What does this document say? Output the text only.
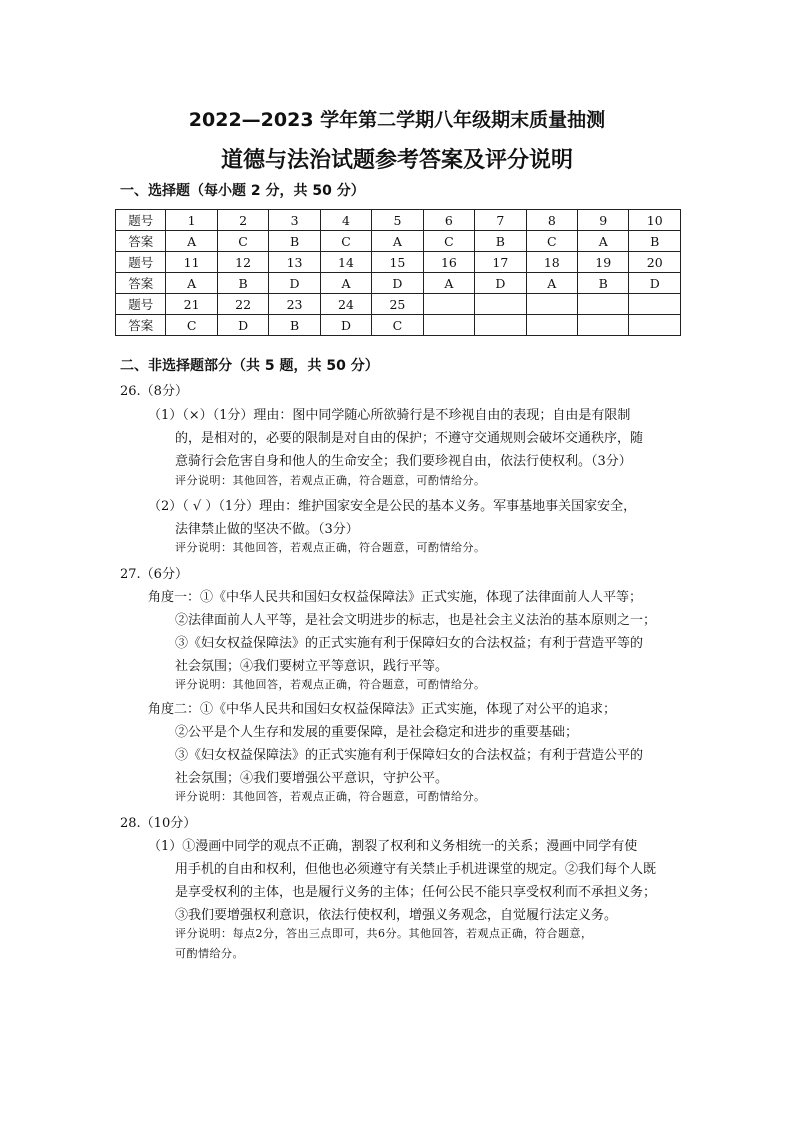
2022—2023 学年第二学期八年级期末质量抽测
道德与法治试题参考答案及评分说明
一、选择题（每小题 2 分，共 50 分）
题号	1	2	3	4	5	6	7	8	9	10
答案	A	C	B	C	A	C	B	C	A	B
题号	11	12	13	14	15	16	17	18	19	20
答案	A	B	D	A	D	A	D	A	B	D
题号	21	22	23	24	25					
答案	C	D	B	D	C					
二、非选择题部分（共 5 题，共 50 分）
26.（8分）
（1）（×）（1分）理由：图中同学随心所欲骑行是不珍视自由的表现；自由是有限制
的，是相对的，必要的限制是对自由的保护；不遵守交通规则会破坏交通秩序，随
意骑行会危害自身和他人的生命安全；我们要珍视自由，依法行使权利。（3分）
评分说明：其他回答，若观点正确，符合题意，可酌情给分。
（2）（ √ ）（1分）理由：维护国家安全是公民的基本义务。军事基地事关国家安全，
法律禁止做的坚决不做。（3分）
评分说明：其他回答，若观点正确，符合题意，可酌情给分。
27.（6分）
角度一：①《中华人民共和国妇女权益保障法》正式实施，体现了法律面前人人平等；
②法律面前人人平等，是社会文明进步的标志，也是社会主义法治的基本原则之一；
③《妇女权益保障法》的正式实施有利于保障妇女的合法权益；有利于营造平等的
社会氛围；④我们要树立平等意识，践行平等。
评分说明：其他回答，若观点正确，符合题意，可酌情给分。
角度二：①《中华人民共和国妇女权益保障法》正式实施，体现了对公平的追求；
②公平是个人生存和发展的重要保障，是社会稳定和进步的重要基础；
③《妇女权益保障法》的正式实施有利于保障妇女的合法权益；有利于营造公平的
社会氛围；④我们要增强公平意识，守护公平。
评分说明：其他回答，若观点正确，符合题意，可酌情给分。
28.（10分）
（1）①漫画中同学的观点不正确，割裂了权利和义务相统一的关系；漫画中同学有使
用手机的自由和权利，但他也必须遵守有关禁止手机进课堂的规定。②我们每个人既
是享受权利的主体，也是履行义务的主体；任何公民不能只享受权利而不承担义务；
③我们要增强权利意识，依法行使权利，增强义务观念，自觉履行法定义务。
评分说明：每点2分，答出三点即可，共6分。其他回答，若观点正确，符合题意，
可酌情给分。
